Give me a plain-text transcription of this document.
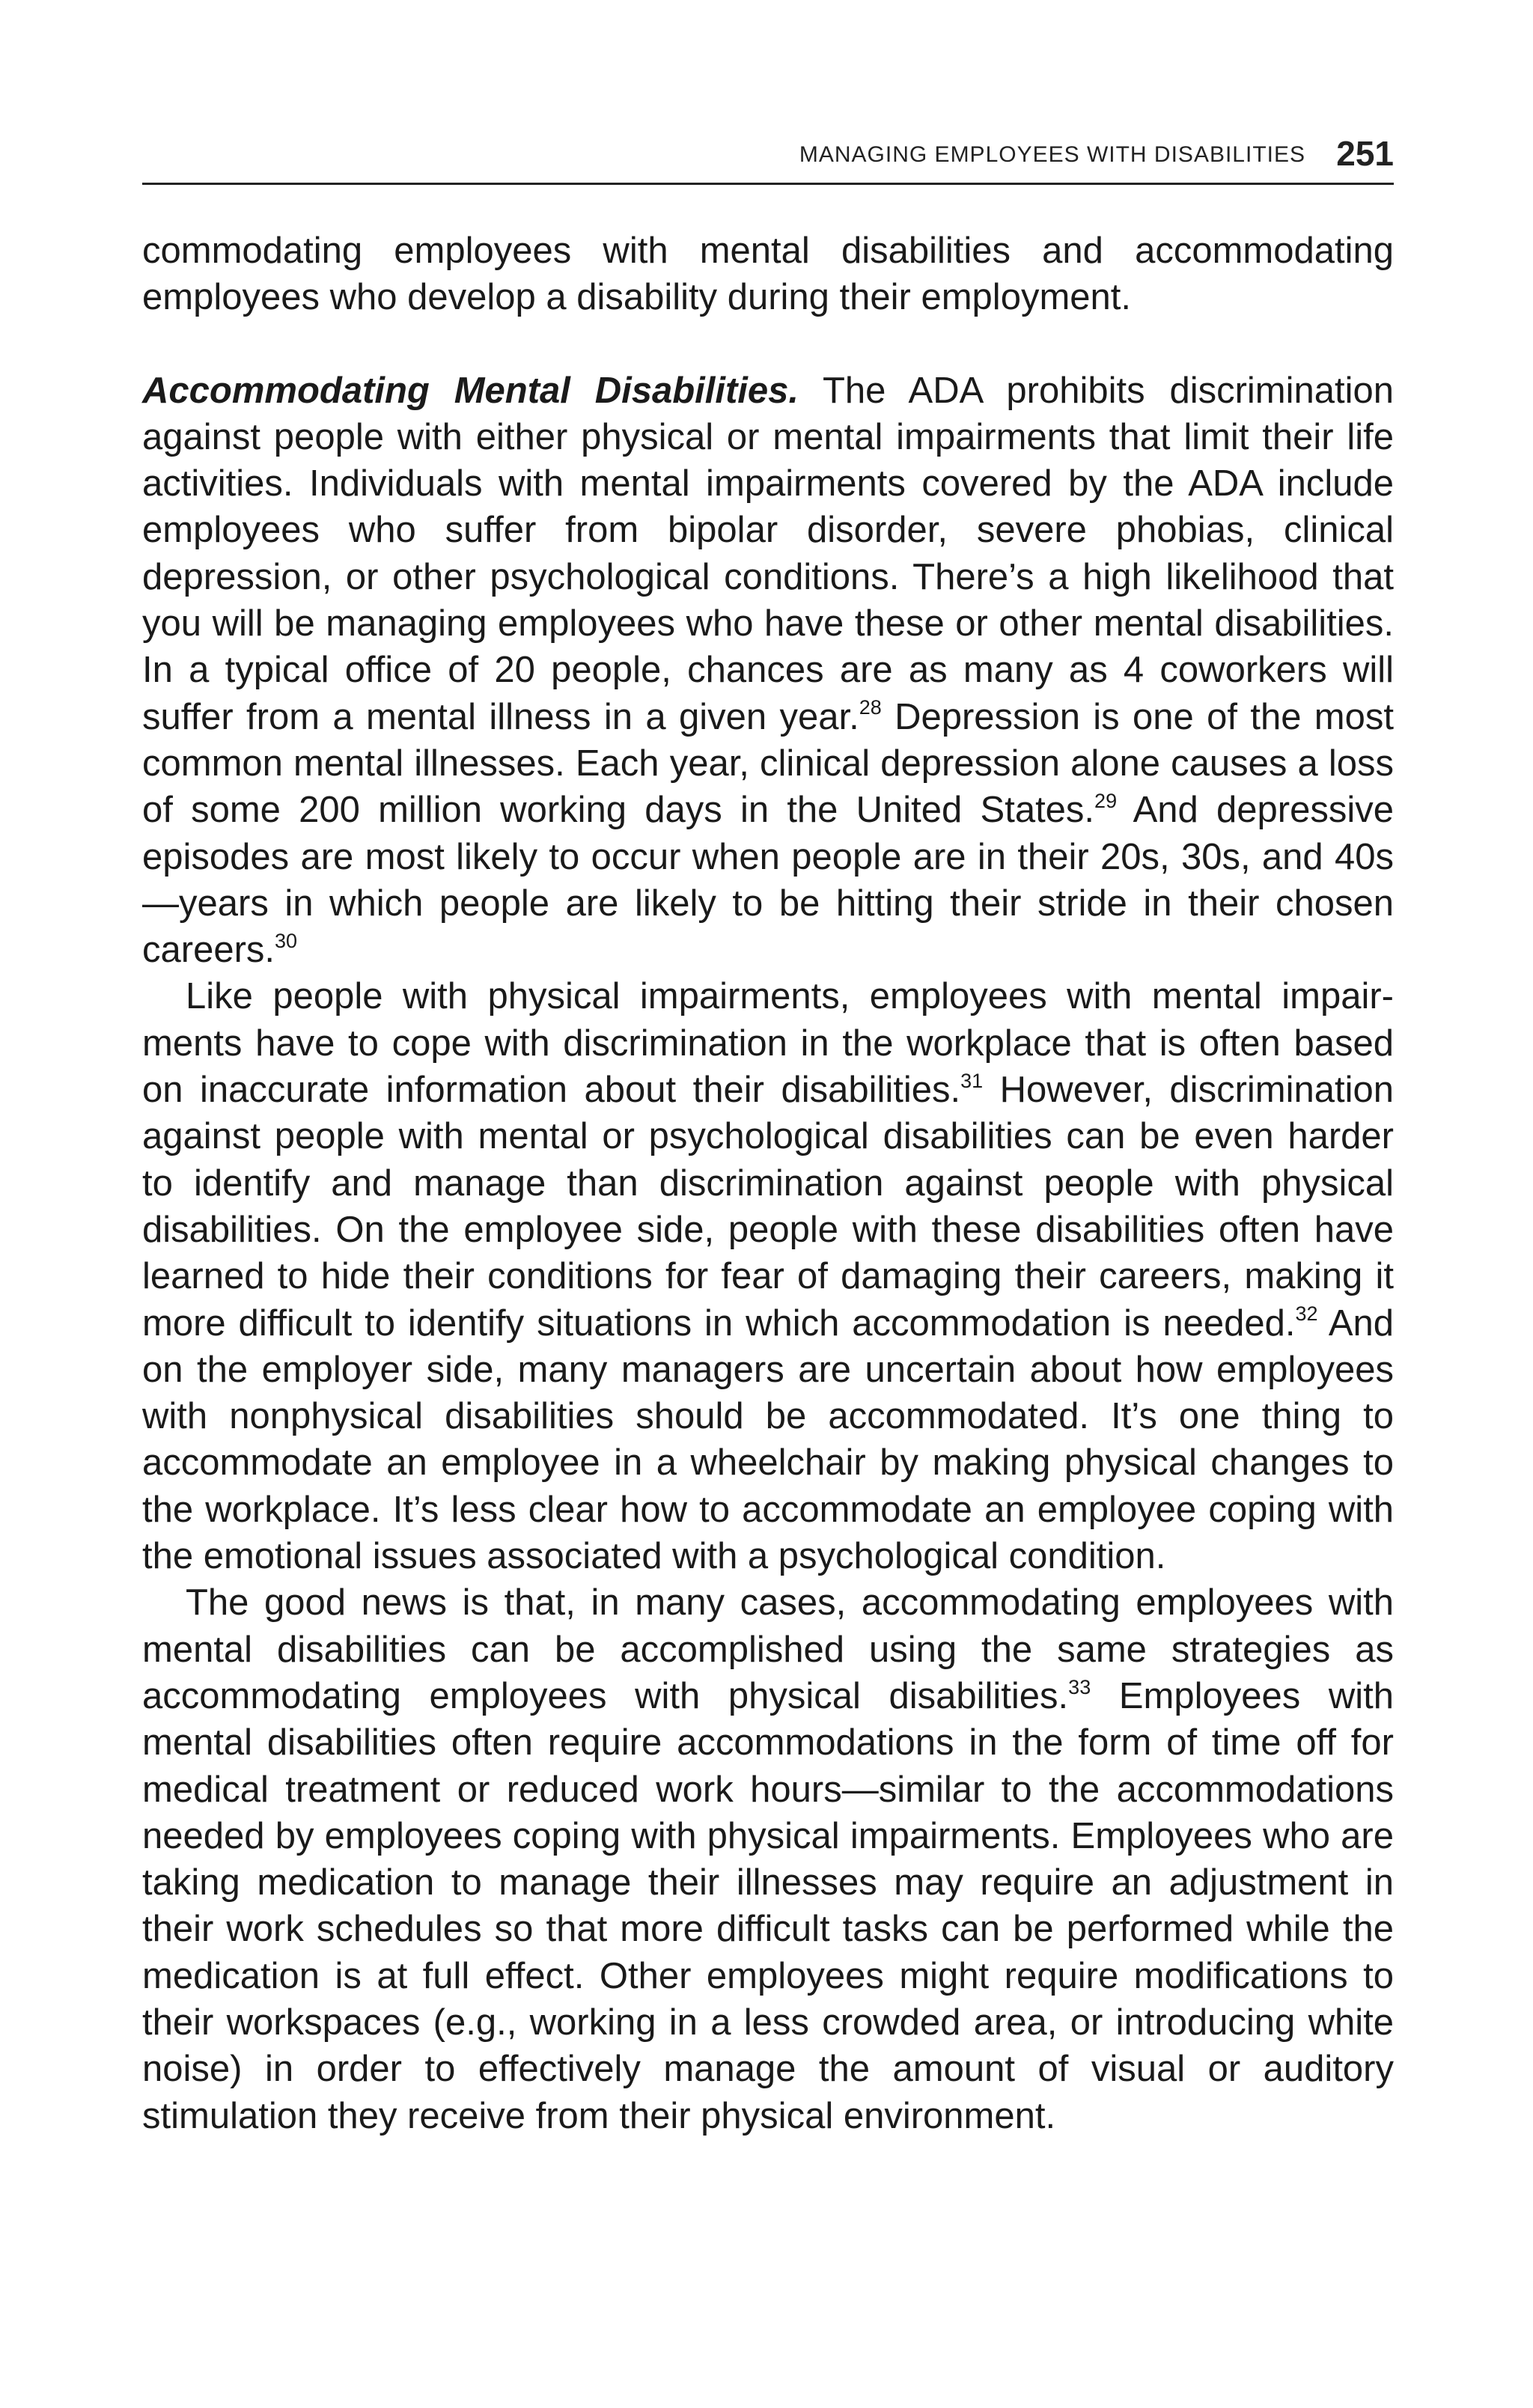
MANAGING EMPLOYEES WITH DISABILITIES 251

commodating employees with mental disabilities and accommodating employees who develop a disability during their employment.

Accommodating Mental Disabilities. The ADA prohibits discrimination against people with either physical or mental impairments that limit their life activities. Individuals with mental impairments covered by the ADA include employees who suffer from bipolar disorder, severe phobias, clinical depression, or other psychological conditions. There’s a high likelihood that you will be managing employees who have these or other mental disabilities. In a typical office of 20 people, chances are as many as 4 coworkers will suffer from a mental illness in a given year.$^{28}$ Depression is one of the most common mental illnesses. Each year, clinical depression alone causes a loss of some 200 million working days in the United States.$^{29}$ And depressive episodes are most likely to occur when people are in their 20s, 30s, and 40s—years in which people are likely to be hitting their stride in their chosen careers.$^{30}$

Like people with physical impairments, employees with mental impairments have to cope with discrimination in the workplace that is often based on inaccurate information about their disabilities.$^{31}$ However, discrimination against people with mental or psychological disabilities can be even harder to identify and manage than discrimination against people with physical disabilities. On the employee side, people with these disabilities often have learned to hide their conditions for fear of damaging their careers, making it more difficult to identify situations in which accommodation is needed.$^{32}$ And on the employer side, many managers are uncertain about how employees with nonphysical disabilities should be accommodated. It’s one thing to accommodate an employee in a wheelchair by making physical changes to the workplace. It’s less clear how to accommodate an employee coping with the emotional issues associated with a psychological condition.

The good news is that, in many cases, accommodating employees with mental disabilities can be accomplished using the same strategies as accommodating employees with physical disabilities.$^{33}$ Employees with mental disabilities often require accommodations in the form of time off for medical treatment or reduced work hours—similar to the accommodations needed by employees coping with physical impairments. Employees who are taking medication to manage their illnesses may require an adjustment in their work schedules so that more difficult tasks can be performed while the medication is at full effect. Other employees might require modifications to their workspaces (e.g., working in a less crowded area, or introducing white noise) in order to effectively manage the amount of visual or auditory stimulation they receive from their physical environment.
